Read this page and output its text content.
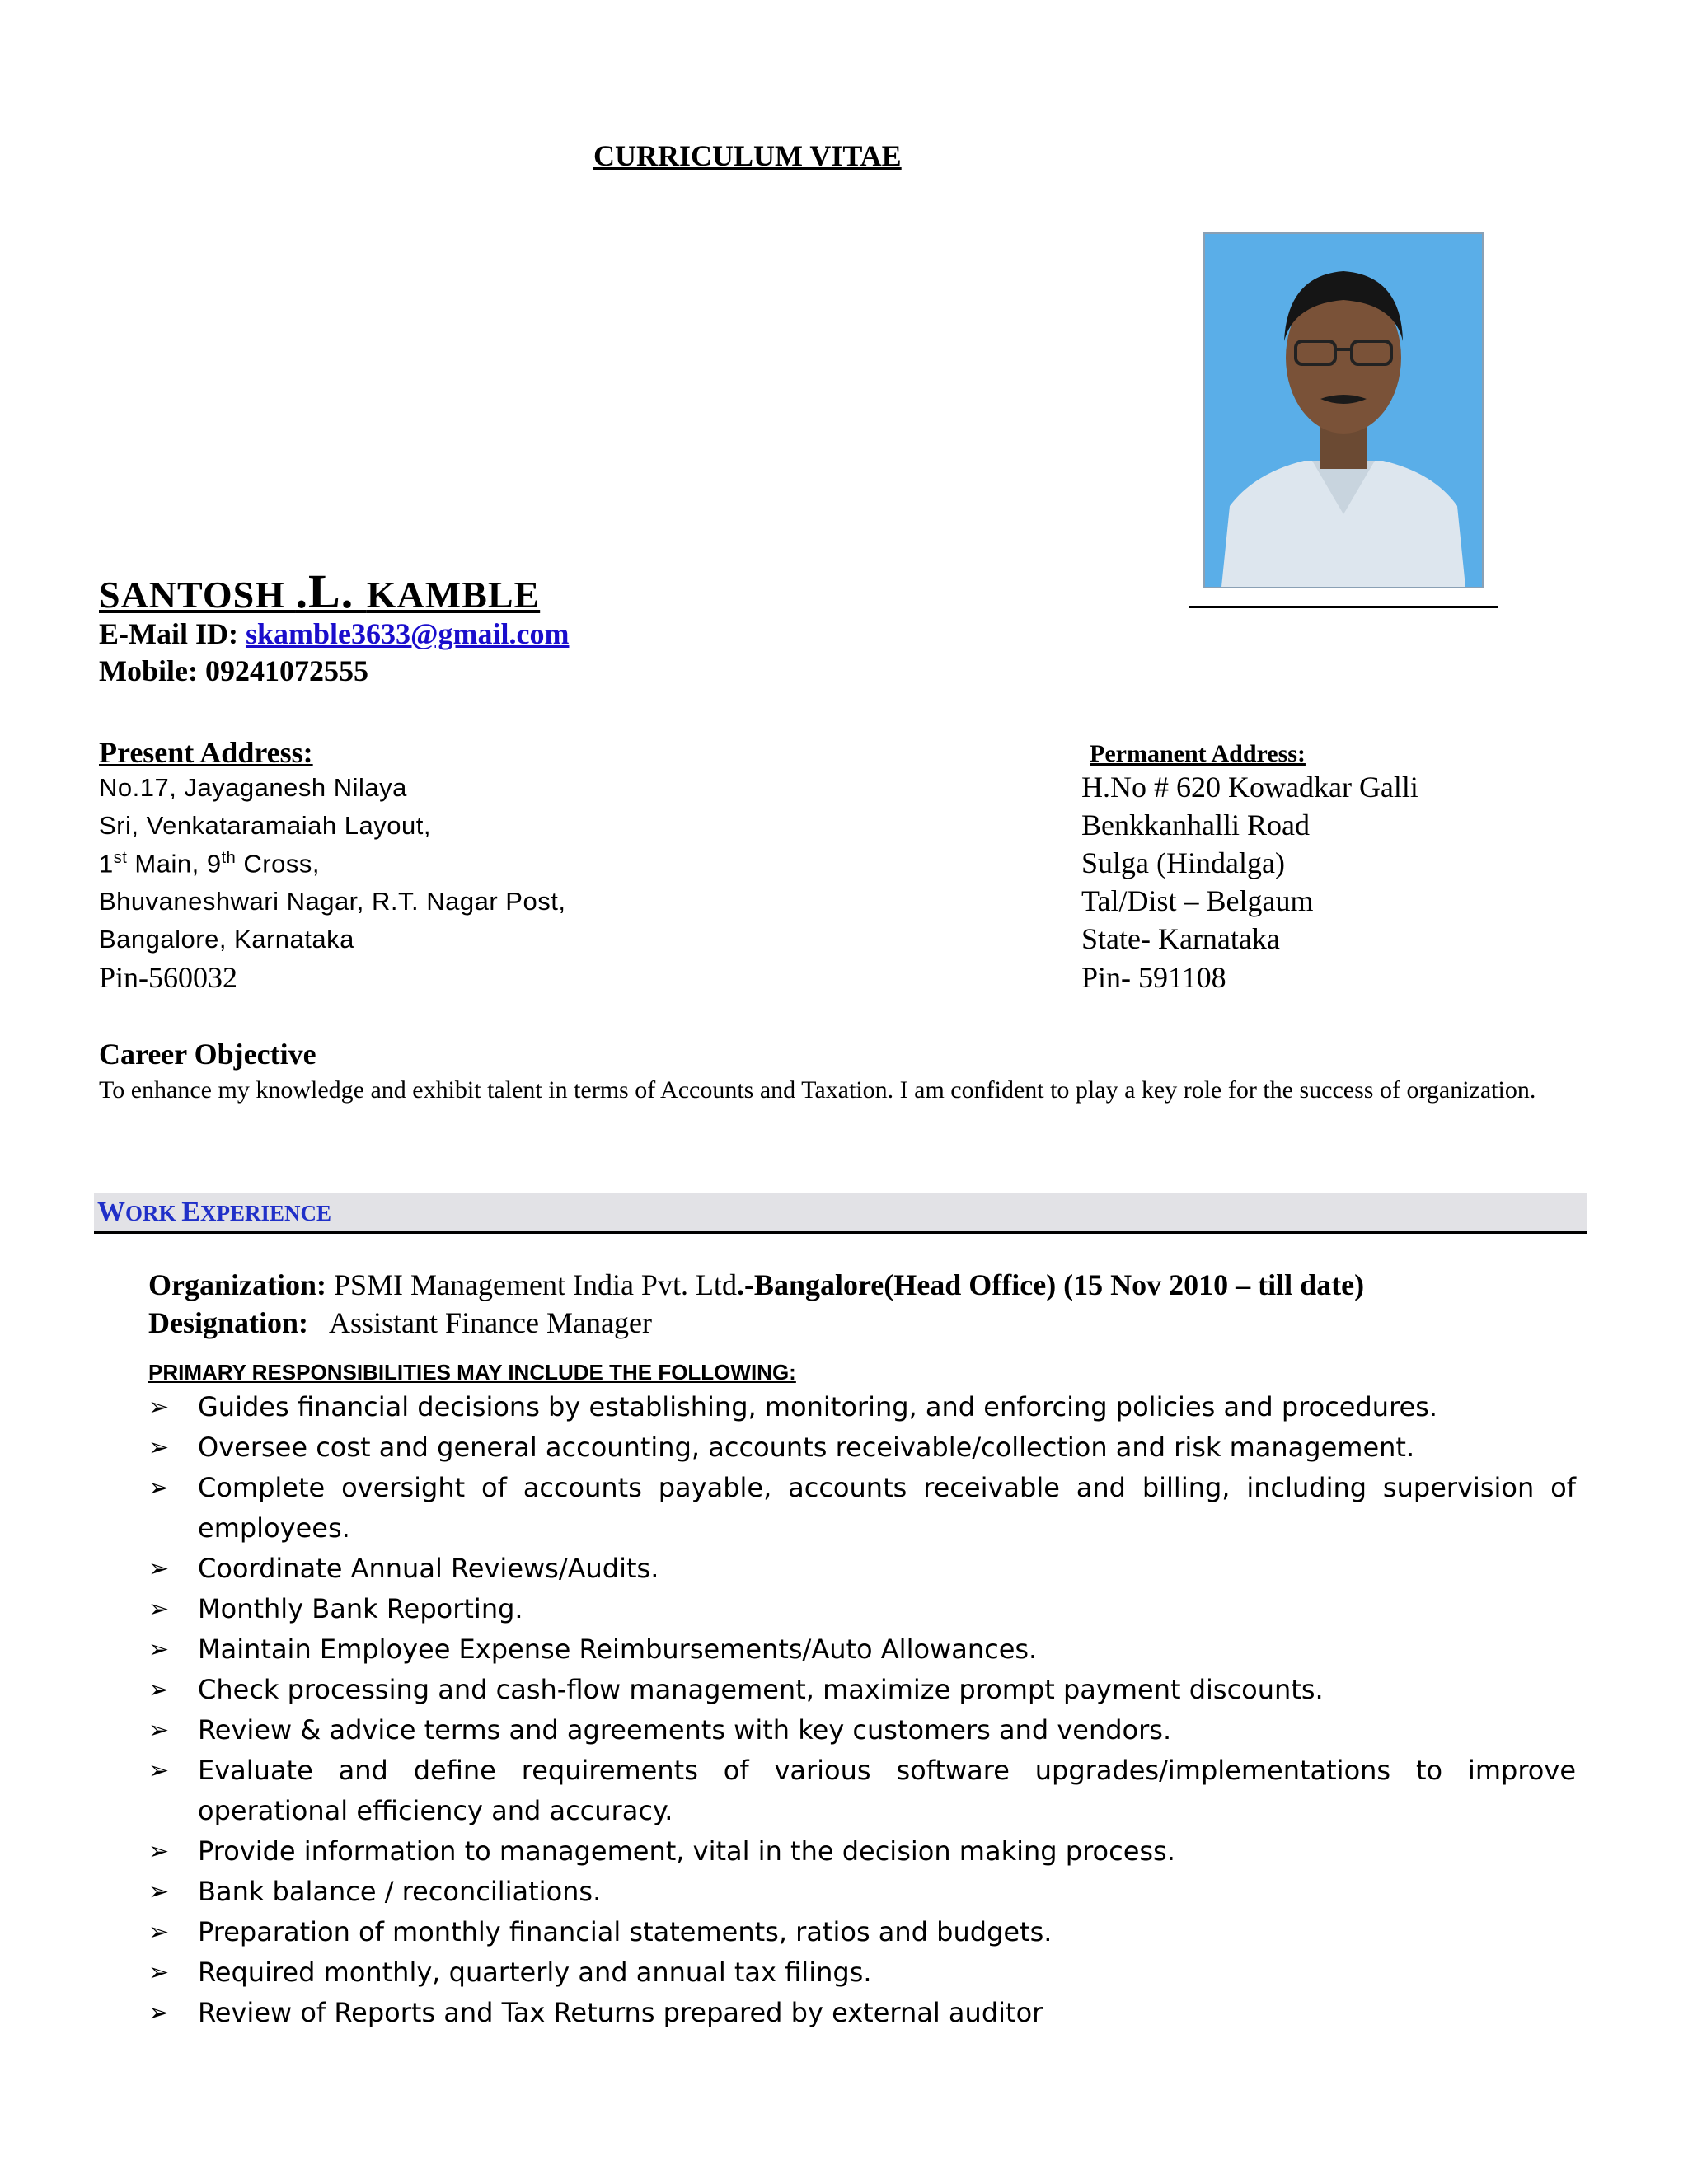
CURRICULUM VITAE
SANTOSH .L. KAMBLE
E-Mail ID: skamble3633@gmail.com
Mobile: 09241072555
Present Address:	Permanent Address:
No.17, Jayaganesh Nilaya
Sri, Venkataramaiah Layout,
1st Main, 9th Cross,
Bhuvaneshwari Nagar, R.T. Nagar Post,
Bangalore, Karnataka
Pin-560032
H.No # 620 Kowadkar Galli
Benkkanhalli Road
Sulga (Hindalga)
Tal/Dist – Belgaum
State- Karnataka
Pin- 591108
Career Objective
To enhance my knowledge and exhibit talent in terms of Accounts and Taxation. I am confident to play a key role for the success of organization.
WORK EXPERIENCE
Organization: PSMI Management India Pvt. Ltd.-Bangalore(Head Office) (15 Nov 2010 – till date)
Designation:   Assistant Finance Manager
PRIMARY RESPONSIBILITIES MAY INCLUDE THE FOLLOWING:
➢ Guides financial decisions by establishing, monitoring, and enforcing policies and procedures.
➢ Oversee cost and general accounting, accounts receivable/collection and risk management.
➢ Complete oversight of accounts payable, accounts receivable and billing, including supervision of employees.
➢ Coordinate Annual Reviews/Audits.
➢ Monthly Bank Reporting.
➢ Maintain Employee Expense Reimbursements/Auto Allowances.
➢ Check processing and cash-flow management, maximize prompt payment discounts.
➢ Review & advice terms and agreements with key customers and vendors.
➢ Evaluate and define requirements of various software upgrades/implementations to improve operational efficiency and accuracy.
➢ Provide information to management, vital in the decision making process.
➢ Bank balance / reconciliations.
➢ Preparation of monthly financial statements, ratios and budgets.
➢ Required monthly, quarterly and annual tax filings.
➢ Review of Reports and Tax Returns prepared by external auditor
